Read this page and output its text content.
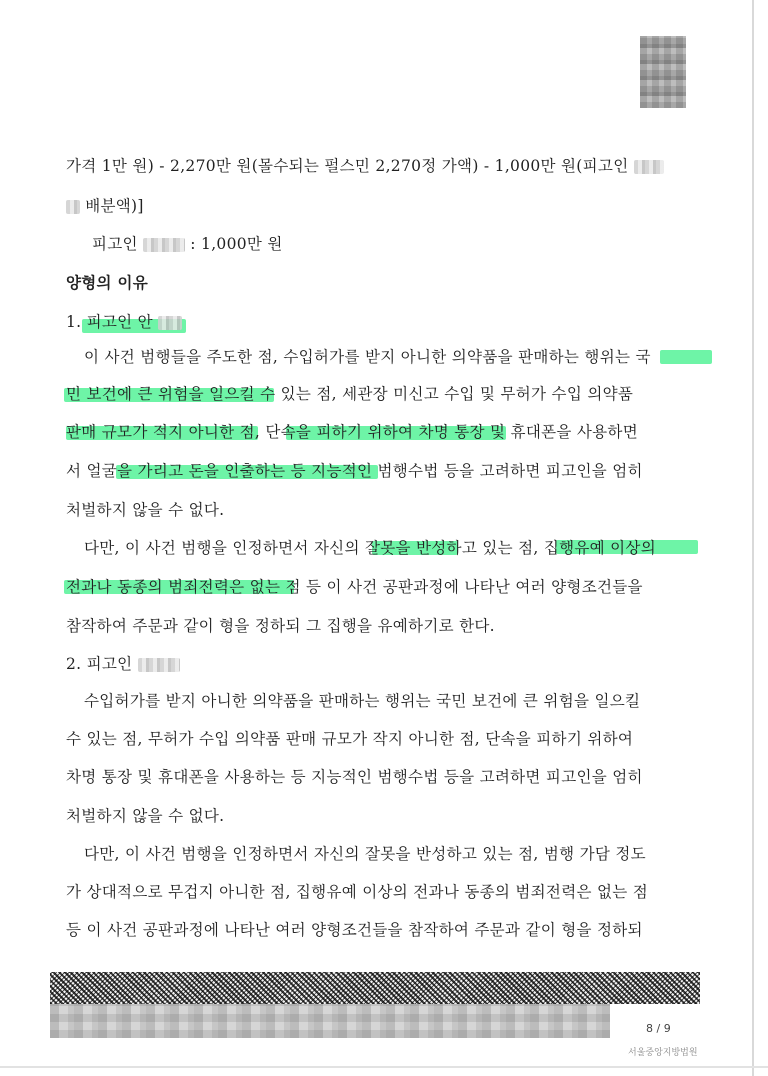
가격 1만 원) - 2,270만 원(몰수되는 펄스민 2,270정 가액) - 1,000만 원(피고인
배분액)]
피고인	: 1,000만 원
양형의 이유
1. 피고인 안
이 사건 범행들을 주도한 점, 수입허가를 받지 아니한 의약품을 판매하는 행위는 국
민 보건에 큰 위험을 일으킬 수 있는 점, 세관장 미신고 수입 및 무허가 수입 의약품
판매 규모가 적지 아니한 점, 단속을 피하기 위하여 차명 통장 및 휴대폰을 사용하면
서 얼굴을 가리고 돈을 인출하는 등 지능적인 범행수법 등을 고려하면 피고인을 엄히
처벌하지 않을 수 없다.
다만, 이 사건 범행을 인정하면서 자신의 잘못을 반성하고 있는 점, 집행유예 이상의
전과나 동종의 범죄전력은 없는 점 등 이 사건 공판과정에 나타난 여러 양형조건들을
참작하여 주문과 같이 형을 정하되 그 집행을 유예하기로 한다.
2. 피고인
수입허가를 받지 아니한 의약품을 판매하는 행위는 국민 보건에 큰 위험을 일으킬
수 있는 점, 무허가 수입 의약품 판매 규모가 작지 아니한 점, 단속을 피하기 위하여
차명 통장 및 휴대폰을 사용하는 등 지능적인 범행수법 등을 고려하면 피고인을 엄히
처벌하지 않을 수 없다.
다만, 이 사건 범행을 인정하면서 자신의 잘못을 반성하고 있는 점, 범행 가담 정도
가 상대적으로 무겁지 아니한 점, 집행유예 이상의 전과나 동종의 범죄전력은 없는 점
등 이 사건 공판과정에 나타난 여러 양형조건들을 참작하여 주문과 같이 형을 정하되
8 / 9
서울중앙지방법원
